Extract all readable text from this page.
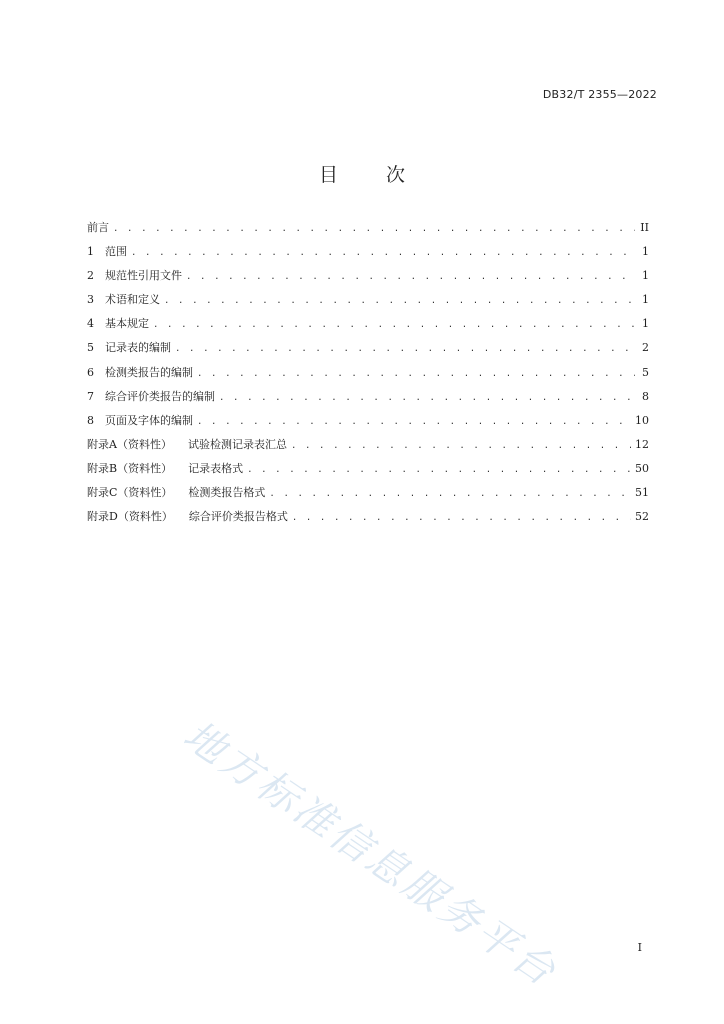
DB32/T 2355—2022
目	次
前言 . . .	II
1	范围 . . .	1
2	规范性引用文件 . . .	1
3	术语和定义 . . .	1
4	基本规定 . . .	1
5	记录表的编制 . . .	2
6	检测类报告的编制 . . .	5
7	综合评价类报告的编制 . . .	8
8	页面及字体的编制 . . .	10
附录A（资料性） 试验检测记录表汇总 . . .	12
附录B（资料性） 记录表格式 . . .	50
附录C（资料性） 检测类报告格式 . . .	51
附录D（资料性） 综合评价类报告格式 . . .	52
地方标准信息服务平台	I
